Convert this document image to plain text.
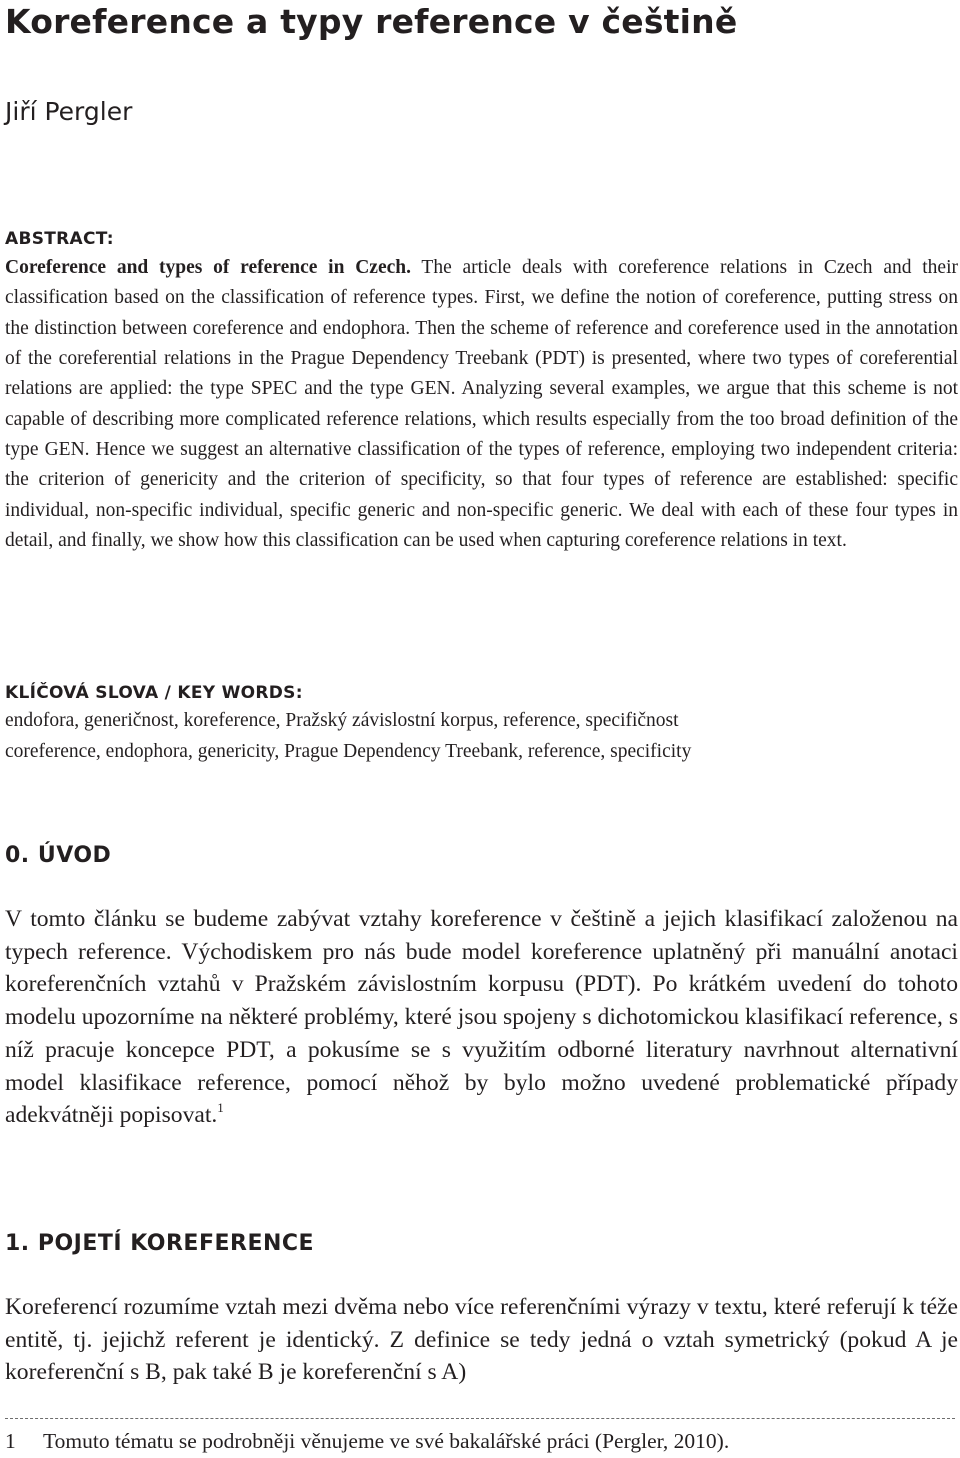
Koreference a typy reference v češtině

Jiří Pergler

ABSTRACT:

Coreference and types of reference in Czech. The article deals with coreference relations in Czech and their classification based on the classification of reference types. First, we define the notion of coreference, putting stress on the distinction between coreference and endophora. Then the scheme of reference and coreference used in the annotation of the coreferential relations in the Prague Dependency Treebank (PDT) is presented, where two types of coreferential relations are applied: the type SPEC and the type GEN. Analyzing several examples, we argue that this scheme is not capable of describing more complicated reference relations, which results especially from the too broad definition of the type GEN. Hence we suggest an alternative classification of the types of reference, employing two independent criteria: the criterion of genericity and the criterion of specificity, so that four types of reference are established: specific individual, non-specific individual, specific generic and non-specific generic. We deal with each of these four types in detail, and finally, we show how this classification can be used when capturing coreference relations in text.

KLÍČOVÁ SLOVA / KEY WORDS:

endofora, generičnost, koreference, Pražský závislostní korpus, reference, specifičnost

coreference, endophora, genericity, Prague Dependency Treebank, reference, specificity

0. ÚVOD

V tomto článku se budeme zabývat vztahy koreference v češtině a jejich klasifikací založenou na typech reference. Východiskem pro nás bude model koreference uplatněný při manuální anotaci koreferenčních vztahů v Pražském závislostním korpusu (PDT). Po krátkém uvedení do tohoto modelu upozorníme na některé problémy, které jsou spojeny s dichotomickou klasifikací reference, s níž pracuje koncepce PDT, a pokusíme se s využitím odborné literatury navrhnout alternativní model klasifikace reference, pomocí něhož by bylo možno uvedené problematické případy adekvátněji popisovat.$^1$

1. POJETÍ KOREFERENCE

Koreferencí rozumíme vztah mezi dvěma nebo více referenčními výrazy v textu, které referují k téže entitě, tj. jejichž referent je identický. Z definice se tedy jedná o vztah symetrický (pokud A je koreferenční s B, pak také B je koreferenční s A)

1 Tomuto tématu se podrobněji věnujeme ve své bakalářské práci (Pergler, 2010).
